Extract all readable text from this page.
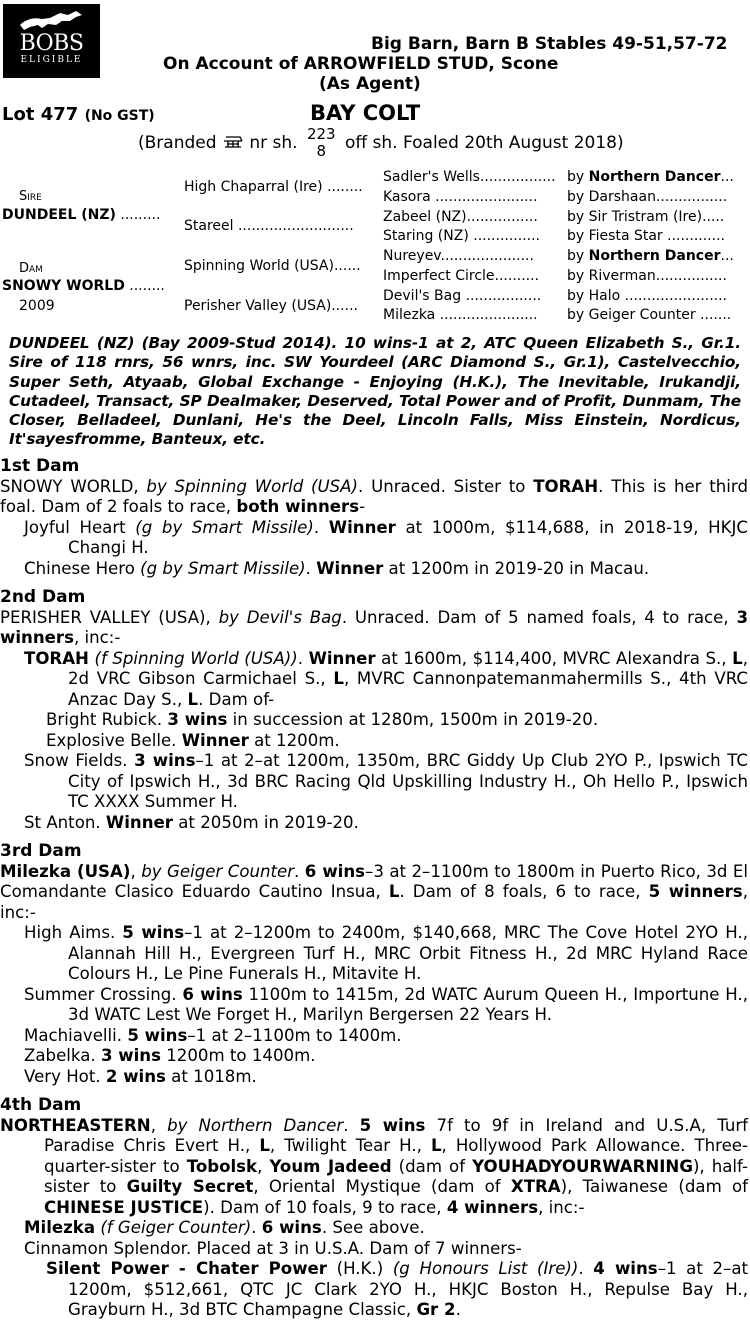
BOBS
ELIGIBLE
Big Barn, Barn B Stables 49-51,57-72
On Account of ARROWFIELD STUD, Scone
(As Agent)
Lot 477 (No GST)	BAY COLT
(Branded nr sh. 223
8	off sh. Foaled 20th August 2018)
Sire
DUNDEEL (NZ) .........
Dam
SNOWY WORLD ........
2009
High Chaparral (Ire) ........
Stareel ..........................
Spinning World (USA)......
Perisher Valley (USA)......
Sadler's Wells................. by Northern Dancer...
Kasora ....................... by Darshaan................
Zabeel (NZ)................ by Sir Tristram (Ire).....
Staring (NZ) ............... by Fiesta Star .............
Nureyev..................... by Northern Dancer...
Imperfect Circle.......... by Riverman................
Devil's Bag ................. by Halo .......................
Milezka ...................... by Geiger Counter .......
DUNDEEL (NZ) (Bay 2009-Stud 2014). 10 wins-1 at 2, ATC Queen Elizabeth S., Gr.1. Sire of 118 rnrs, 56 wnrs, inc. SW Yourdeel (ARC Diamond S., Gr.1), Castelvecchio, Super Seth, Atyaab, Global Exchange - Enjoying (H.K.), The Inevitable, Irukandji, Cutadeel, Transact, SP Dealmaker, Deserved, Total Power and of Profit, Dunmam, The Closer, Belladeel, Dunlani, He's the Deel, Lincoln Falls, Miss Einstein, Nordicus, It'sayesfromme, Banteux, etc.
1st Dam
SNOWY WORLD, by Spinning World (USA). Unraced. Sister to TORAH. This is her third foal. Dam of 2 foals to race, both winners-
Joyful Heart (g by Smart Missile). Winner at 1000m, $114,688, in 2018-19, HKJC Changi H.
Chinese Hero (g by Smart Missile). Winner at 1200m in 2019-20 in Macau.
2nd Dam
PERISHER VALLEY (USA), by Devil's Bag. Unraced. Dam of 5 named foals, 4 to race, 3 winners, inc:-
TORAH (f Spinning World (USA)). Winner at 1600m, $114,400, MVRC Alexandra S., L, 2d VRC Gibson Carmichael S., L, MVRC Cannonpatemanmahermills S., 4th VRC Anzac Day S., L. Dam of-
Bright Rubick. 3 wins in succession at 1280m, 1500m in 2019-20.
Explosive Belle. Winner at 1200m.
Snow Fields. 3 wins–1 at 2–at 1200m, 1350m, BRC Giddy Up Club 2YO P., Ipswich TC City of Ipswich H., 3d BRC Racing Qld Upskilling Industry H., Oh Hello P., Ipswich TC XXXX Summer H.
St Anton. Winner at 2050m in 2019-20.
3rd Dam
Milezka (USA), by Geiger Counter. 6 wins–3 at 2–1100m to 1800m in Puerto Rico, 3d El Comandante Clasico Eduardo Cautino Insua, L. Dam of 8 foals, 6 to race, 5 winners, inc:-
High Aims. 5 wins–1 at 2–1200m to 2400m, $140,668, MRC The Cove Hotel 2YO H., Alannah Hill H., Evergreen Turf H., MRC Orbit Fitness H., 2d MRC Hyland Race Colours H., Le Pine Funerals H., Mitavite H.
Summer Crossing. 6 wins 1100m to 1415m, 2d WATC Aurum Queen H., Importune H., 3d WATC Lest We Forget H., Marilyn Bergersen 22 Years H.
Machiavelli. 5 wins–1 at 2–1100m to 1400m.
Zabelka. 3 wins 1200m to 1400m.
Very Hot. 2 wins at 1018m.
4th Dam
NORTHEASTERN, by Northern Dancer. 5 wins 7f to 9f in Ireland and U.S.A, Turf Paradise Chris Evert H., L, Twilight Tear H., L, Hollywood Park Allowance. Three-quarter-sister to Tobolsk, Youm Jadeed (dam of YOUHADYOURWARNING), half-sister to Guilty Secret, Oriental Mystique (dam of XTRA), Taiwanese (dam of CHINESE JUSTICE). Dam of 10 foals, 9 to race, 4 winners, inc:-
Milezka (f Geiger Counter). 6 wins. See above.
Cinnamon Splendor. Placed at 3 in U.S.A. Dam of 7 winners-
Silent Power - Chater Power (H.K.) (g Honours List (Ire)). 4 wins–1 at 2–at 1200m, $512,661, QTC JC Clark 2YO H., HKJC Boston H., Repulse Bay H., Grayburn H., 3d BTC Champagne Classic, Gr 2.
